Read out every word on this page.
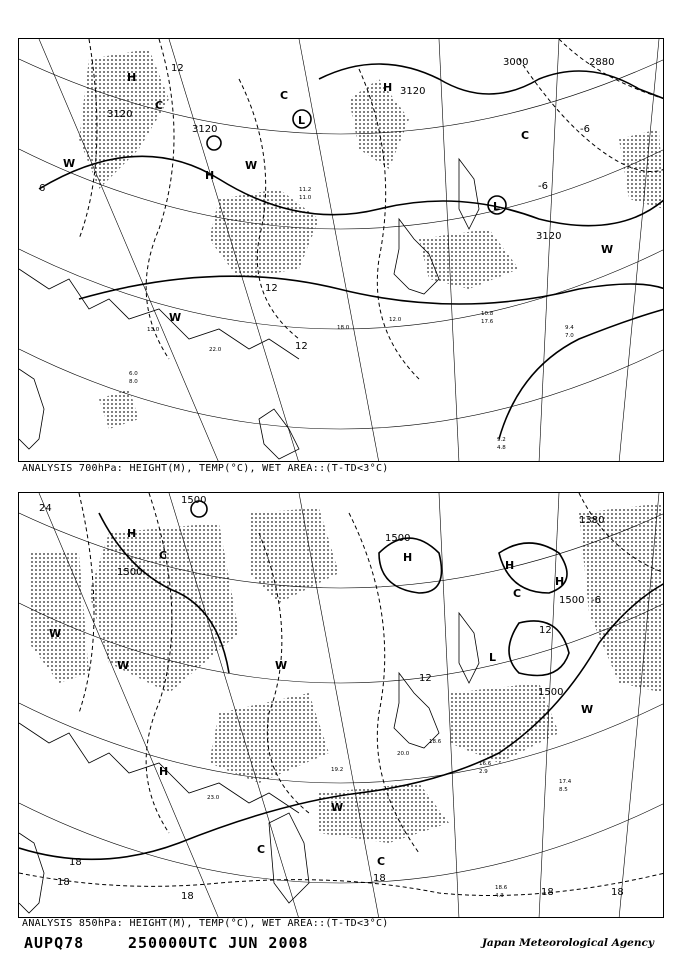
3120
3120
3120
3120
3000	2880
12
12
-6
-6
6
12
H
H
H
L
L
C
C
C
W	W
W
W
10.8
17.6
9.4
7.0
9.2
4.8
12.0
22.0
18.0
13.0
6.0
8.0
11.2
11.0
ANALYSIS 700hPa: HEIGHT(M), TEMP(°C), WET AREA::(T-TD<3°C)
1500
1500
1500
1500
1380
1500
24
12
12
-6
18
18
18
18
18	18
H
H
H
H
H
L
C
C
C
C
W
W
W
W
W
17.4
8.5
18.6
4.3
16.6
2.9
23.0
19.2
20.0
18.6
ANALYSIS 850hPa: HEIGHT(M), TEMP(°C), WET AREA::(T-TD<3°C)
AUPQ78	250000UTC JUN 2008	Japan Meteorological Agency
